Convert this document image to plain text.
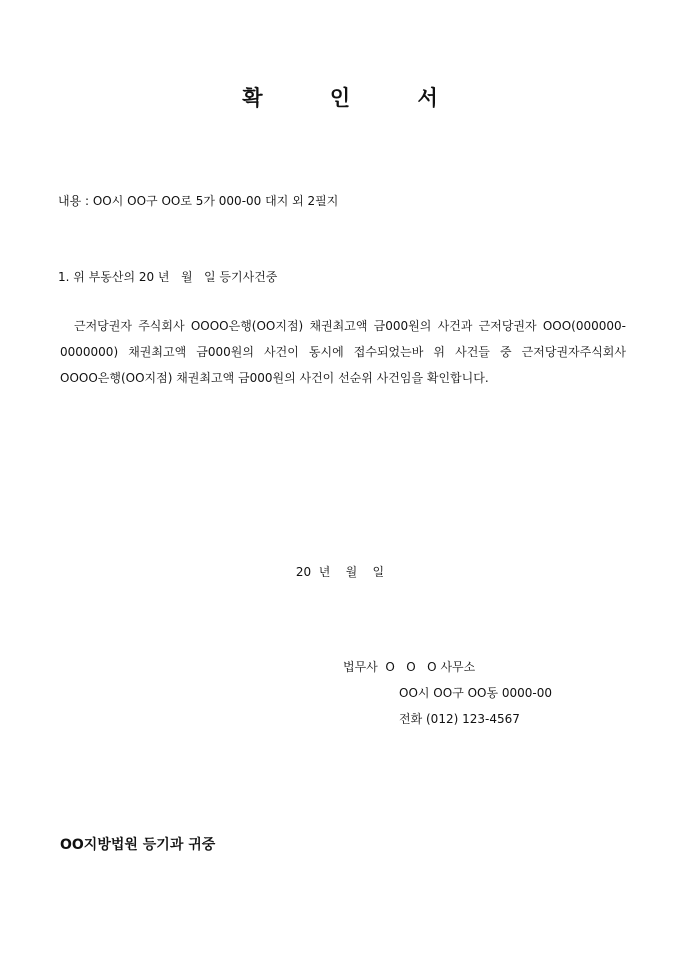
확 인 서
내용 : OO시 OO구 OO로 5가 000-00 대지 외 2필지
1. 위 부동산의 20 년   월   일 등기사건중
근저당권자 주식회사 OOOO은행(OO지점) 채권최고액 금000원의 사건과 근저당권자 OOO(000000-0000000) 채권최고액 금000원의 사건이 동시에 접수되었는바 위 사건들 중 근저당권자주식회사 OOOO은행(OO지점) 채권최고액 금000원의 사건이 선순위 사건임을 확인합니다.
20  년    월    일
법무사  O   O   O 사무소
OO시 OO구 OO동 0000-00
전화 (012) 123-4567
OO지방법원 등기과 귀중
